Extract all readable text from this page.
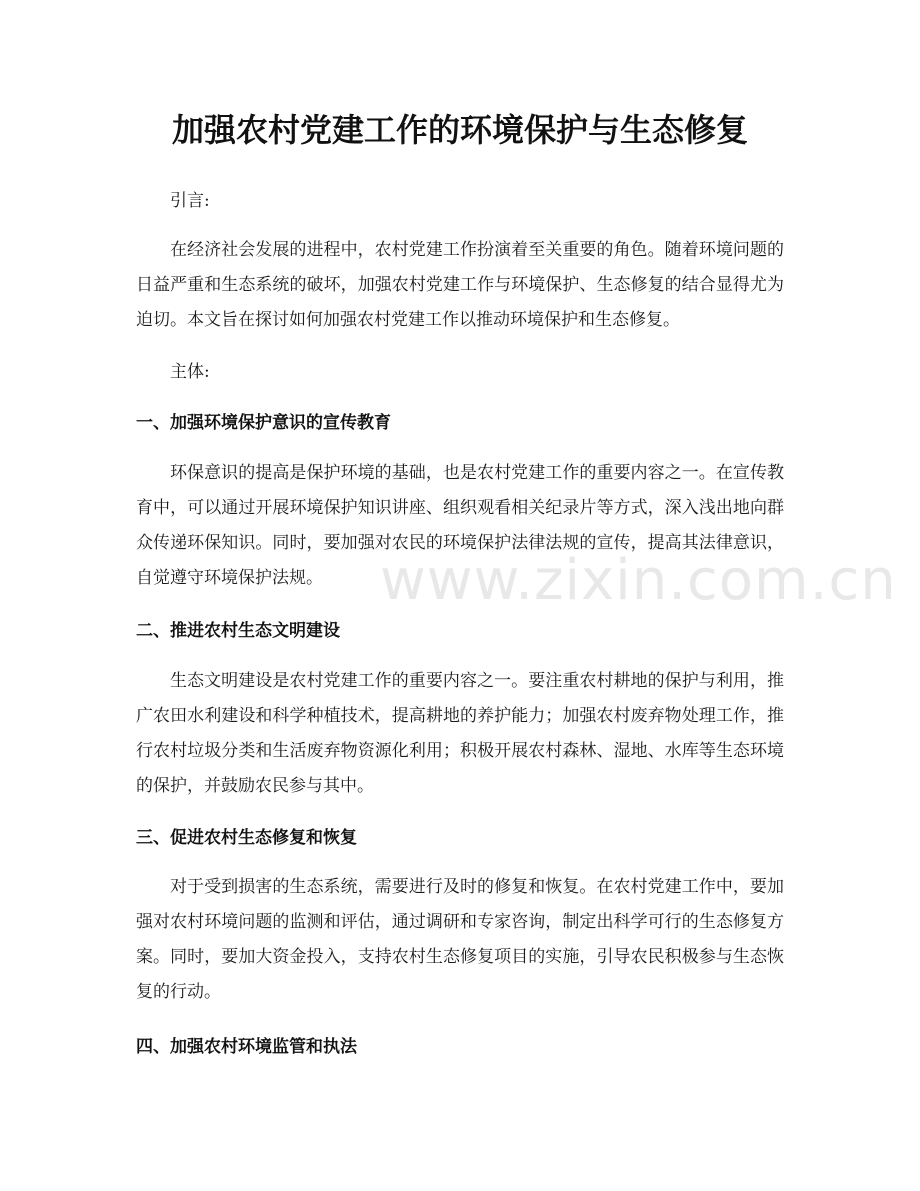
加强农村党建工作的环境保护与生态修复

引言:

在经济社会发展的进程中，农村党建工作扮演着至关重要的角色。随着环境问题的日益严重和生态系统的破坏，加强农村党建工作与环境保护、生态修复的结合显得尤为迫切。本文旨在探讨如何加强农村党建工作以推动环境保护和生态修复。

主体:

一、加强环境保护意识的宣传教育

环保意识的提高是保护环境的基础，也是农村党建工作的重要内容之一。在宣传教育中，可以通过开展环境保护知识讲座、组织观看相关纪录片等方式，深入浅出地向群众传递环保知识。同时，要加强对农民的环境保护法律法规的宣传，提高其法律意识，自觉遵守环境保护法规。

二、推进农村生态文明建设

生态文明建设是农村党建工作的重要内容之一。要注重农村耕地的保护与利用，推广农田水利建设和科学种植技术，提高耕地的养护能力；加强农村废弃物处理工作，推行农村垃圾分类和生活废弃物资源化利用；积极开展农村森林、湿地、水库等生态环境的保护，并鼓励农民参与其中。

三、促进农村生态修复和恢复

对于受到损害的生态系统，需要进行及时的修复和恢复。在农村党建工作中，要加强对农村环境问题的监测和评估，通过调研和专家咨询，制定出科学可行的生态修复方案。同时，要加大资金投入，支持农村生态修复项目的实施，引导农民积极参与生态恢复的行动。

四、加强农村环境监管和执法

www.zixin.com.cn
